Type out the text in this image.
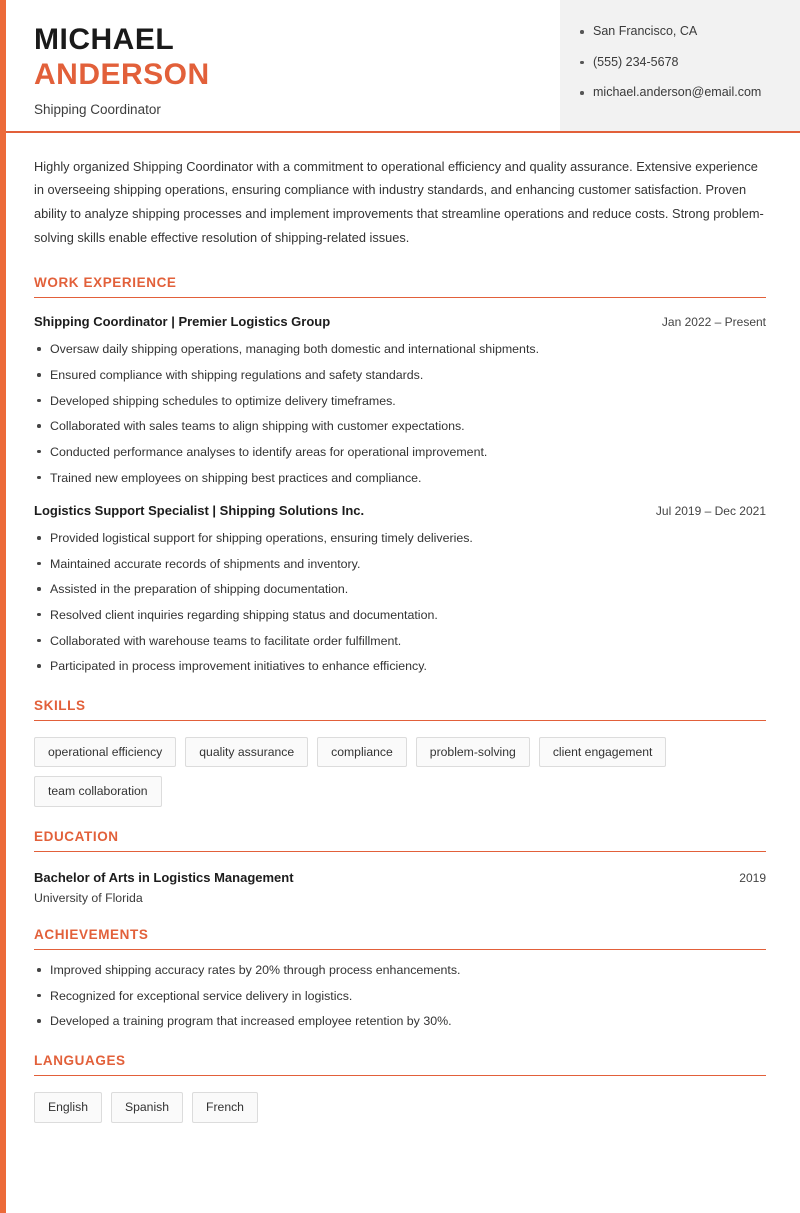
MICHAEL
ANDERSON
Shipping Coordinator
San Francisco, CA
(555) 234-5678
michael.anderson@email.com
Highly organized Shipping Coordinator with a commitment to operational efficiency and quality assurance. Extensive experience in overseeing shipping operations, ensuring compliance with industry standards, and enhancing customer satisfaction. Proven ability to analyze shipping processes and implement improvements that streamline operations and reduce costs. Strong problem-solving skills enable effective resolution of shipping-related issues.
WORK EXPERIENCE
Shipping Coordinator | Premier Logistics Group	Jan 2022 – Present
Oversaw daily shipping operations, managing both domestic and international shipments.
Ensured compliance with shipping regulations and safety standards.
Developed shipping schedules to optimize delivery timeframes.
Collaborated with sales teams to align shipping with customer expectations.
Conducted performance analyses to identify areas for operational improvement.
Trained new employees on shipping best practices and compliance.
Logistics Support Specialist | Shipping Solutions Inc.	Jul 2019 – Dec 2021
Provided logistical support for shipping operations, ensuring timely deliveries.
Maintained accurate records of shipments and inventory.
Assisted in the preparation of shipping documentation.
Resolved client inquiries regarding shipping status and documentation.
Collaborated with warehouse teams to facilitate order fulfillment.
Participated in process improvement initiatives to enhance efficiency.
SKILLS
operational efficiency	quality assurance	compliance	problem-solving	client engagement
team collaboration
EDUCATION
Bachelor of Arts in Logistics Management	2019
University of Florida
ACHIEVEMENTS
Improved shipping accuracy rates by 20% through process enhancements.
Recognized for exceptional service delivery in logistics.
Developed a training program that increased employee retention by 30%.
LANGUAGES
English	Spanish	French
